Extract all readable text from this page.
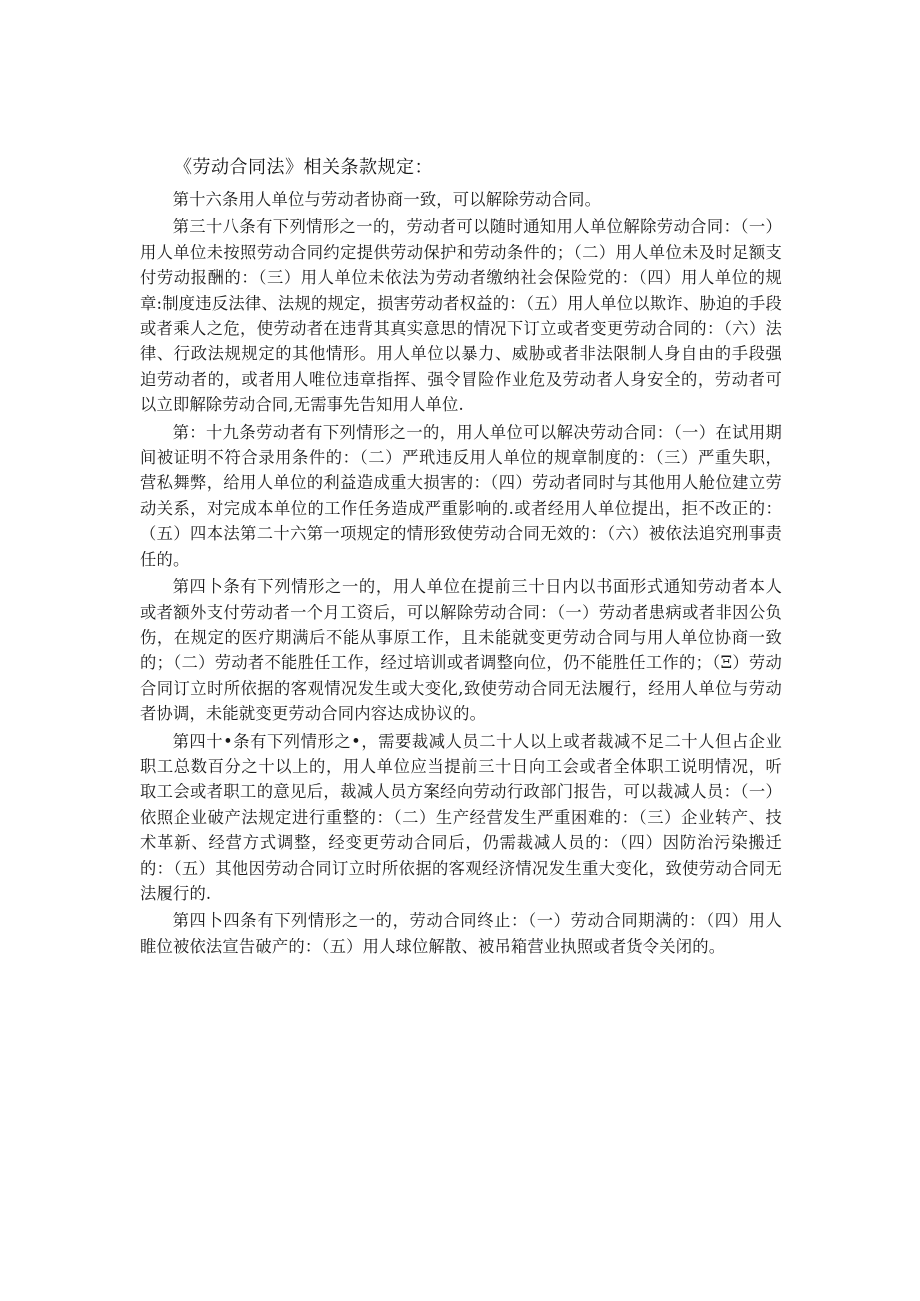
《劳动合同法》相关条款规定：

第十六条用人单位与劳动者协商一致，可以解除劳动合同。

第三十八条有下列情形之一的，劳动者可以随时通知用人单位解除劳动合同：（一）用人单位未按照劳动合同约定提供劳动保护和劳动条件的；（二）用人单位未及时足额支付劳动报酬的：（三）用人单位未依法为劳动者缴纳社会保险党的：（四）用人单位的规章:制度违反法律、法规的规定，损害劳动者权益的：（五）用人单位以欺诈、胁迫的手段或者乘人之危，使劳动者在违背其真实意思的情况下订立或者变更劳动合同的：（六）法律、行政法规规定的其他情形。用人单位以暴力、威胁或者非法限制人身自由的手段强迫劳动者的，或者用人唯位违章指挥、强令冒险作业危及劳动者人身安全的，劳动者可以立即解除劳动合同,无需事先告知用人单位.

第：十九条劳动者有下列情形之一的，用人单位可以解决劳动合同：（一）在试用期间被证明不符合录用条件的：（二）严玳违反用人单位的规章制度的：（三）严重失职，营私舞弊，给用人单位的利益造成重大损害的：（四）劳动者同时与其他用人舱位建立劳动关系，对完成本单位的工作任务造成严重影响的.或者经用人单位提出，拒不改正的：（五）四本法第二十六第一项规定的情形致使劳动合同无效的：（六）被依法追究刑事责任的。

第四卜条有下列情形之一的，用人单位在提前三十日内以书面形式通知劳动者本人或者额外支付劳动者一个月工资后，可以解除劳动合同：（一）劳动者患病或者非因公负伤，在规定的医疗期满后不能从事原工作，且未能就变更劳动合同与用人单位协商一致的；（二）劳动者不能胜任工作，经过培训或者调整向位，仍不能胜任工作的；（Ξ）劳动合同订立时所依据的客观情况发生或大变化,致使劳动合同无法履行，经用人单位与劳动者协调，未能就变更劳动合同内容达成协议的。

第四十•条有下列情形之•，需要裁减人员二十人以上或者裁减不足二十人但占企业职工总数百分之十以上的，用人单位应当提前三十日向工会或者全体职工说明情况，听取工会或者职工的意见后，裁减人员方案经向劳动行政部门报告，可以裁减人员：（一）依照企业破产法规定进行重整的：（二）生产经营发生严重困难的：（三）企业转产、技术革新、经营方式调整，经变更劳动合同后，仍需裁减人员的：（四）因防治污染搬迁的：（五）其他因劳动合同订立时所依据的客观经济情况发生重大变化，致使劳动合同无法履行的.

第四卜四条有下列情形之一的，劳动合同终止：（一）劳动合同期满的：（四）用人睢位被依法宣告破产的：（五）用人球位解散、被吊箱营业执照或者货令关闭的。
